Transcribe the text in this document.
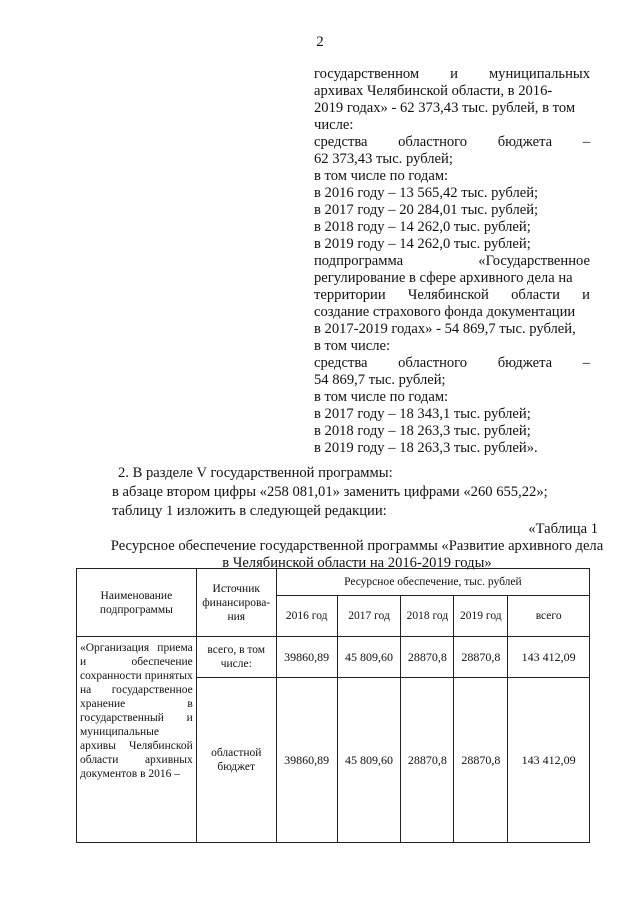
2
государственном и муниципальных
архивах Челябинской области, в 2016-
2019 годах» - 62 373,43 тыс. рублей, в том
числе:
средства областного бюджета –
62 373,43 тыс. рублей;
в том числе по годам:
в 2016 году – 13 565,42 тыс. рублей;
в 2017 году – 20 284,01 тыс. рублей;
в 2018 году – 14 262,0 тыс. рублей;
в 2019 году – 14 262,0 тыс. рублей;
подпрограмма «Государственное
регулирование в сфере архивного дела на
территории Челябинской области и
создание страхового фонда документации
в 2017-2019 годах» - 54 869,7 тыс. рублей,
в том числе:
средства областного бюджета –
54 869,7 тыс. рублей;
в том числе по годам:
в 2017 году – 18 343,1 тыс. рублей;
в 2018 году – 18 263,3 тыс. рублей;
в 2019 году – 18 263,3 тыс. рублей».
2. В разделе V государственной программы:
в абзаце втором цифры «258 081,01» заменить цифрами «260 655,22»;
таблицу 1 изложить в следующей редакции:
«Таблица 1
Ресурсное обеспечение государственной программы «Развитие архивного дела в Челябинской области на 2016-2019 годы»
Наименование подпрограммы	Источник финансирова-ния	Ресурсное обеспечение, тыс. рублей				
		2016 год	2017 год	2018 год	2019 год	всего
«Организация приема и обеспечение сохранности принятых на государственное хранение в государственный и муниципальные архивы Челябинской области архивных документов в 2016 –	всего, в том числе:	39860,89	45 809,60	28870,8	28870,8	143 412,09
	областной бюджет	39860,89	45 809,60	28870,8	28870,8	143 412,09
